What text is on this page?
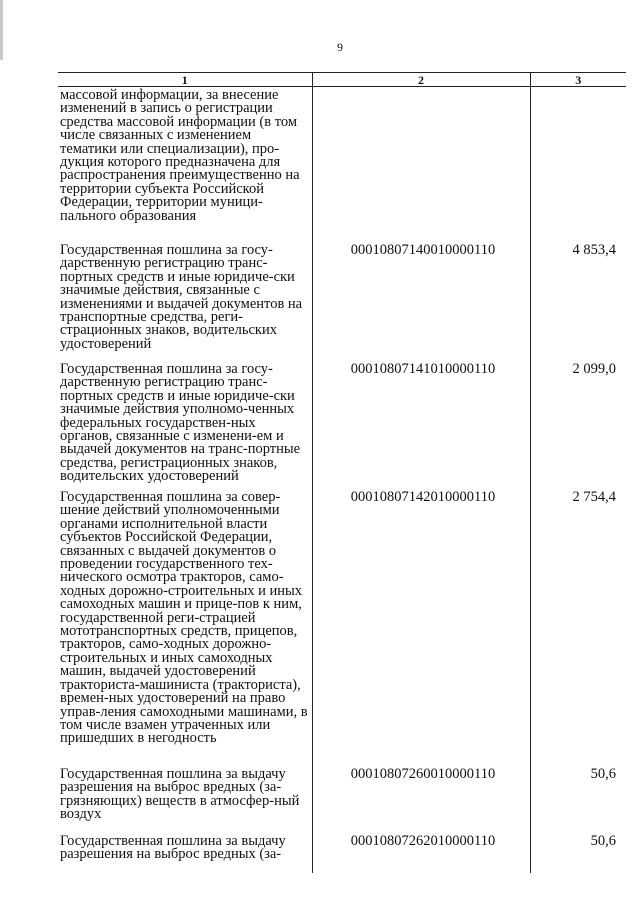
9
1	2	3

массовой информации, за внесение изменений в запись о регистрации средства массовой информации (в том числе связанных с изменением тематики или специализации), про-дукция которого предназначена для распространения преимущественно на территории субъекта Российской Федерации, территории муници-пального образования		

Государственная пошлина за госу-дарственную регистрацию транс-портных средств и иные юридиче-ски значимые действия, связанные с изменениями и выдачей документов на транспортные средства, реги-страционных знаков, водительских удостоверений	00010807140010000110	4 853,4

Государственная пошлина за госу-дарственную регистрацию транс-портных средств и иные юридиче-ски значимые действия уполномо-ченных федеральных государствен-ных органов, связанные с изменени-ем и выдачей документов на транс-портные средства, регистрационных знаков, водительских удостоверений	00010807141010000110	2 099,0

Государственная пошлина за совер-шение действий уполномоченными органами исполнительной власти субъектов Российской Федерации, связанных с выдачей документов о проведении государственного тех-нического осмотра тракторов, само-ходных дорожно-строительных и иных самоходных машин и прицe-пов к ним, государственной реги-страцией мототранспортных средств, прицепов, тракторов, само-ходных дорожно-строительных и иных самоходных машин, выдачей удостоверений тракториста-машиниста (тракториста), времен-ных удостоверений на право управ-ления самоходными машинами, в том числе взамен утраченных или пришедших в негодность	00010807142010000110	2 754,4

Государственная пошлина за выдачу разрешения на выброс вредных (за-грязняющих) веществ в атмосфер-ный воздух	00010807260010000110	50,6

Государственная пошлина за выдачу разрешения на выброс вредных (за-	00010807262010000110	50,6
